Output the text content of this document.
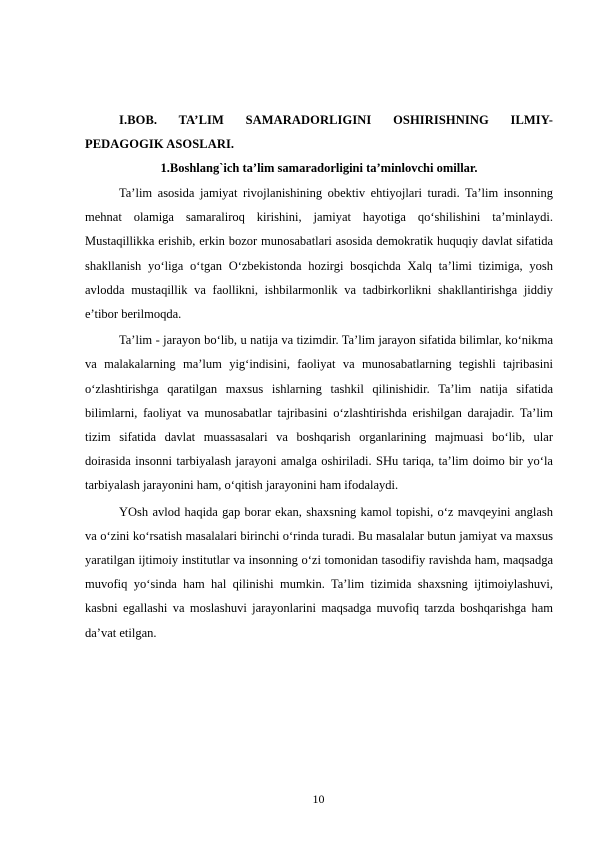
I.BOB. TA’LIM SAMARADORLIGINI OSHIRISHNING ILMIY-PEDAGOGIK ASOSLARI.

1.Boshlang`ich ta’lim samaradorligini ta’minlovchi omillar.

Ta’lim asosida jamiyat rivojlanishining obektiv ehtiyojlari turadi. Ta’lim insonning mehnat olamiga samaraliroq kirishini, jamiyat hayotiga qo‘shilishini ta’minlaydi. Mustaqillikka erishib, erkin bozor munosabatlari asosida demokratik huquqiy davlat sifatida shakllanish yo‘liga o‘tgan O‘zbekistonda hozirgi bosqichda Xalq ta’limi tizimiga, yosh avlodda mustaqillik va faollikni, ishbilarmonlik va tadbirkorlikni shakllantirishga jiddiy e’tibor berilmoqda.

Ta’lim - jarayon bo‘lib, u natija va tizimdir. Ta’lim jarayon sifatida bilimlar, ko‘nikma va malakalarning ma’lum yig‘indisini, faoliyat va munosabatlarning tegishli tajribasini o‘zlashtirishga qaratilgan maxsus ishlarning tashkil qilinishidir. Ta’lim natija sifatida bilimlarni, faoliyat va munosabatlar tajribasini o‘zlashtirishda erishilgan darajadir. Ta’lim tizim sifatida davlat muassasalari va boshqarish organlarining majmuasi bo‘lib, ular doirasida insonni tarbiyalash jarayoni amalga oshiriladi. SHu tariqa, ta’lim doimo bir yo‘la tarbiyalash jarayonini ham, o‘qitish jarayonini ham ifodalaydi.

YOsh avlod haqida gap borar ekan, shaxsning kamol topishi, o‘z mavqeyini anglash va o‘zini ko‘rsatish masalalari birinchi o‘rinda turadi. Bu masalalar butun jamiyat va maxsus yaratilgan ijtimoiy institutlar va insonning o‘zi tomonidan tasodifiy ravishda ham, maqsadga muvofiq yo‘sinda ham hal qilinishi mumkin. Ta’lim tizimida shaxsning ijtimoiylashuvi, kasbni egallashi va moslashuvi jarayonlarini maqsadga muvofiq tarzda boshqarishga ham da’vat etilgan.

10
